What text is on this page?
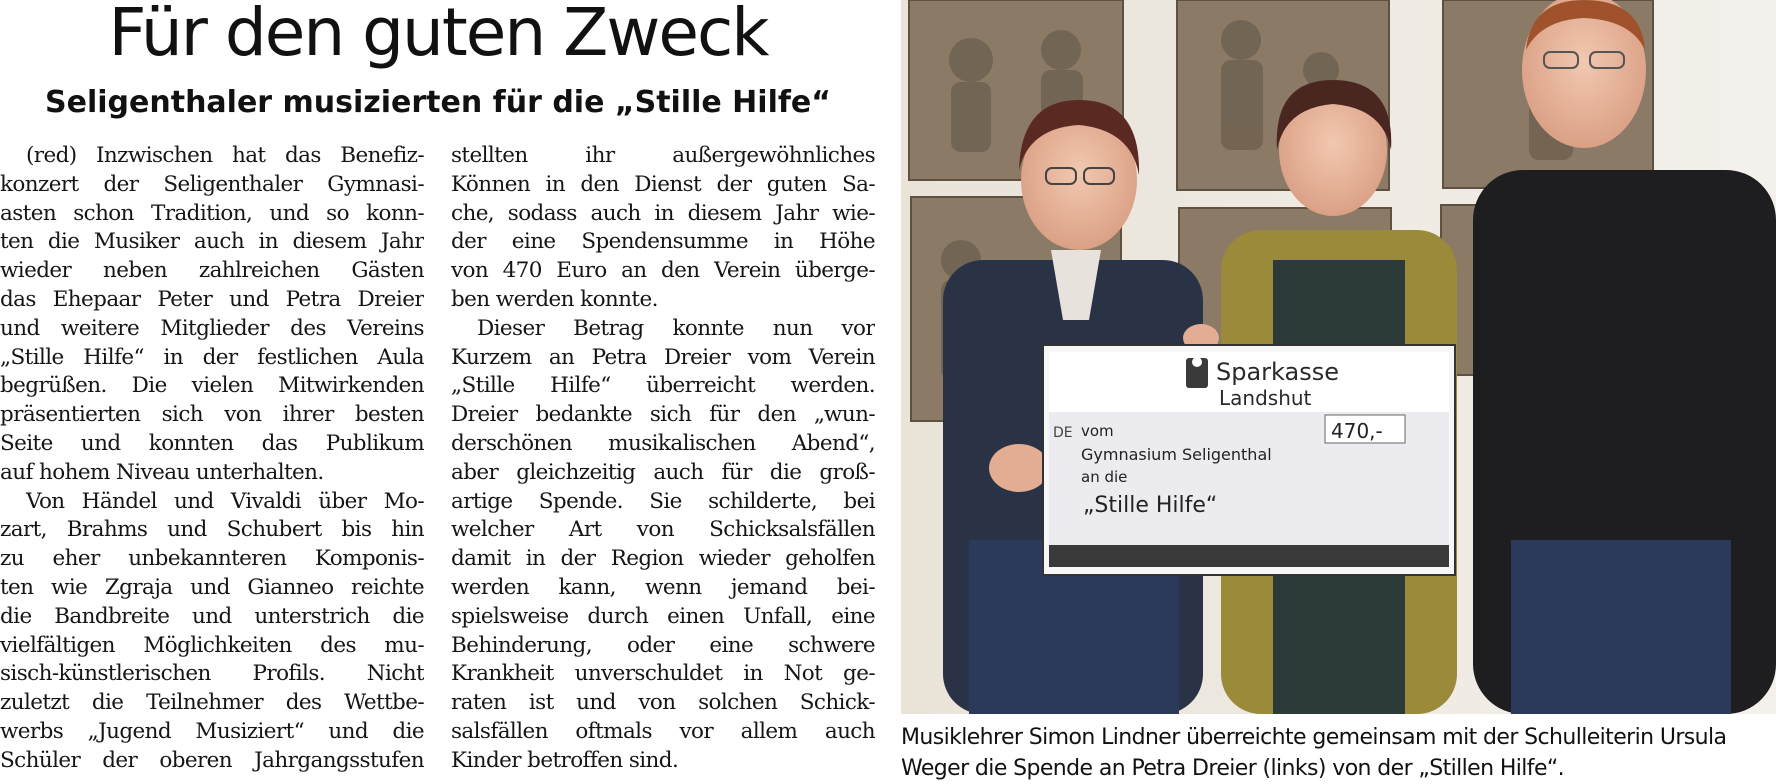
Für den guten Zweck
Seligenthaler musizierten für die „Stille Hilfe“
(red) Inzwischen hat das Benefiz-
konzert der Seligenthaler Gymnasi-
asten schon Tradition, und so konn-
ten die Musiker auch in diesem Jahr
wieder neben zahlreichen Gästen
das Ehepaar Peter und Petra Dreier
und weitere Mitglieder des Vereins
„Stille Hilfe“ in der festlichen Aula
begrüßen. Die vielen Mitwirkenden
präsentierten sich von ihrer besten
Seite und konnten das Publikum
auf hohem Niveau unterhalten.
Von Händel und Vivaldi über Mo-
zart, Brahms und Schubert bis hin
zu eher unbekannteren Komponis-
ten wie Zgraja und Gianneo reichte
die Bandbreite und unterstrich die
vielfältigen Möglichkeiten des mu-
sisch-künstlerischen Profils. Nicht
zuletzt die Teilnehmer des Wettbe-
werbs „Jugend Musiziert“ und die
Schüler der oberen Jahrgangsstufen
stellten ihr außergewöhnliches
Können in den Dienst der guten Sa-
che, sodass auch in diesem Jahr wie-
der eine Spendensumme in Höhe
von 470 Euro an den Verein überge-
ben werden konnte.
Dieser Betrag konnte nun vor
Kurzem an Petra Dreier vom Verein
„Stille Hilfe“ überreicht werden.
Dreier bedankte sich für den „wun-
derschönen musikalischen Abend“,
aber gleichzeitig auch für die groß-
artige Spende. Sie schilderte, bei
welcher Art von Schicksalsfällen
damit in der Region wieder geholfen
werden kann, wenn jemand bei-
spielsweise durch einen Unfall, eine
Behinderung, oder eine schwere
Krankheit unverschuldet in Not ge-
raten ist und von solchen Schick-
salsfällen oftmals vor allem auch
Kinder betroffen sind.
Sparkasse
Landshut
470,-
DE vom
Gymnasium Seligenthal
an die
„Stille Hilfe“
Musiklehrer Simon Lindner überreichte gemeinsam mit der Schulleiterin Ursula
Weger die Spende an Petra Dreier (links) von der „Stillen Hilfe“.
